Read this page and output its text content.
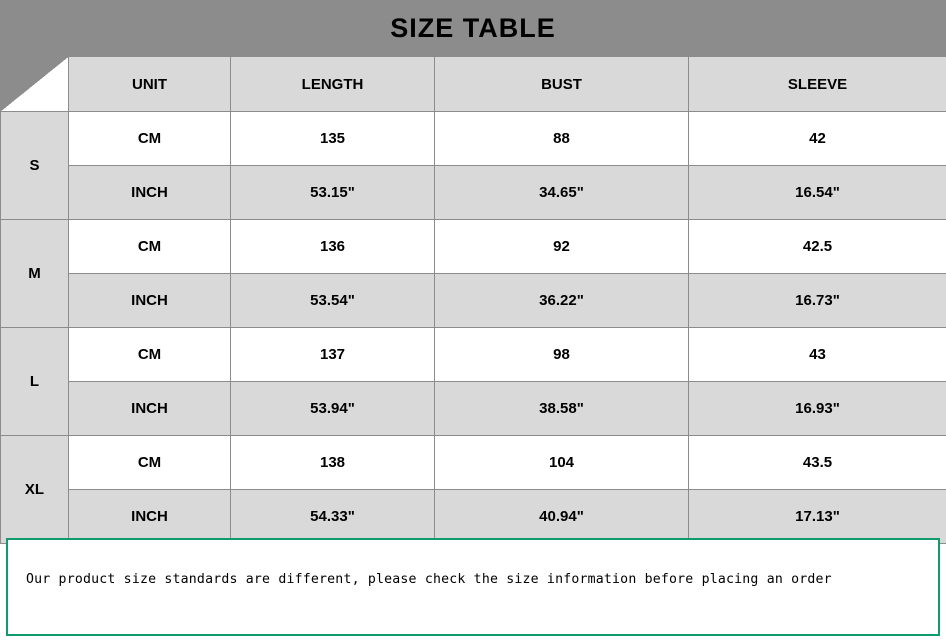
SIZE TABLE
	UNIT	LENGTH	BUST	SLEEVE
S	CM	135	88	42
	INCH	53.15"	34.65"	16.54"
M	CM	136	92	42.5
	INCH	53.54"	36.22"	16.73"
L	CM	137	98	43
	INCH	53.94"	38.58"	16.93"
XL	CM	138	104	43.5
	INCH	54.33"	40.94"	17.13"
Our product size standards are different, please check the size information before placing an order
